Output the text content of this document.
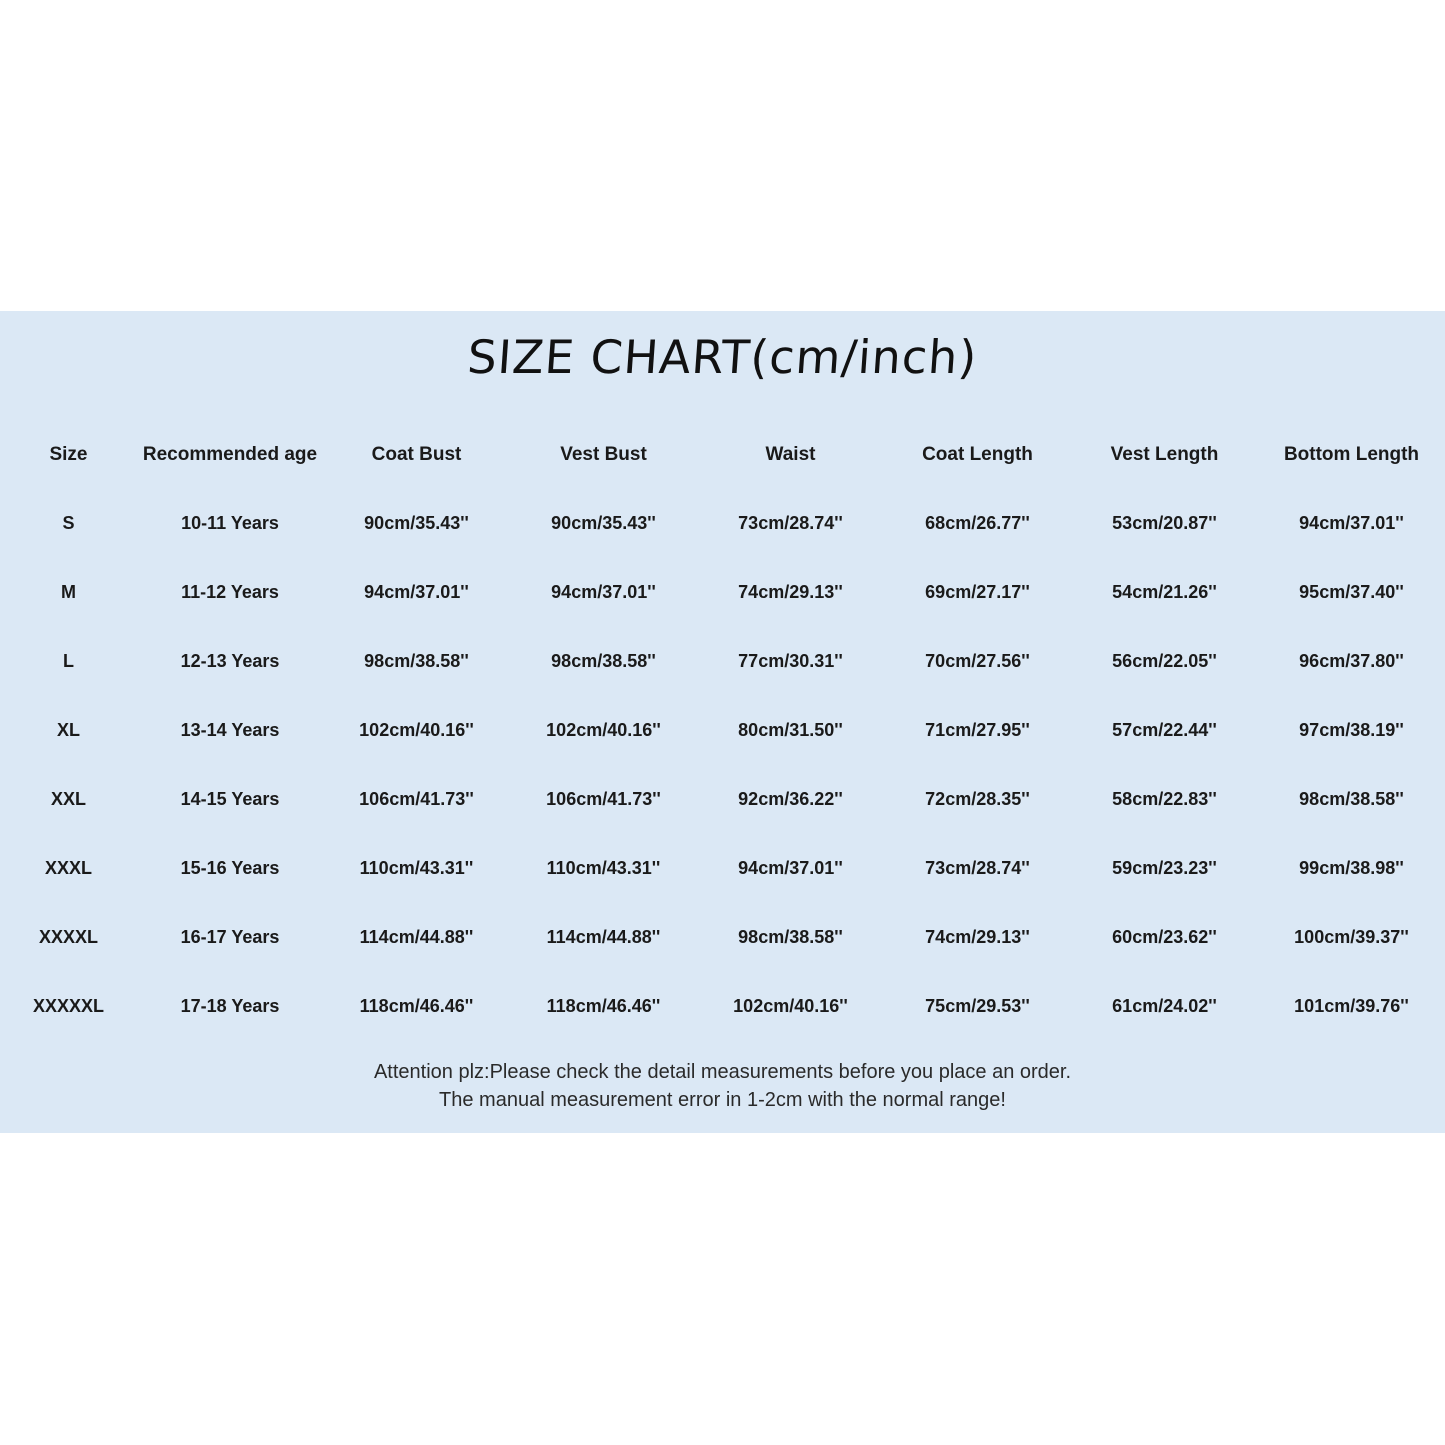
SIZE CHART(cm/inch)
Size	Recommended age	Coat Bust	Vest Bust	Waist	Coat Length	Vest Length	Bottom Length
S	10-11 Years	90cm/35.43''	90cm/35.43''	73cm/28.74''	68cm/26.77''	53cm/20.87''	94cm/37.01''
M	11-12 Years	94cm/37.01''	94cm/37.01''	74cm/29.13''	69cm/27.17''	54cm/21.26''	95cm/37.40''
L	12-13 Years	98cm/38.58''	98cm/38.58''	77cm/30.31''	70cm/27.56''	56cm/22.05''	96cm/37.80''
XL	13-14 Years	102cm/40.16''	102cm/40.16''	80cm/31.50''	71cm/27.95''	57cm/22.44''	97cm/38.19''
XXL	14-15 Years	106cm/41.73''	106cm/41.73''	92cm/36.22''	72cm/28.35''	58cm/22.83''	98cm/38.58''
XXXL	15-16 Years	110cm/43.31''	110cm/43.31''	94cm/37.01''	73cm/28.74''	59cm/23.23''	99cm/38.98''
XXXXL	16-17 Years	114cm/44.88''	114cm/44.88''	98cm/38.58''	74cm/29.13''	60cm/23.62''	100cm/39.37''
XXXXXL	17-18 Years	118cm/46.46''	118cm/46.46''	102cm/40.16''	75cm/29.53''	61cm/24.02''	101cm/39.76''
Attention plz:Please check the detail measurements before you place an order.
The manual measurement error in 1-2cm with the normal range!
